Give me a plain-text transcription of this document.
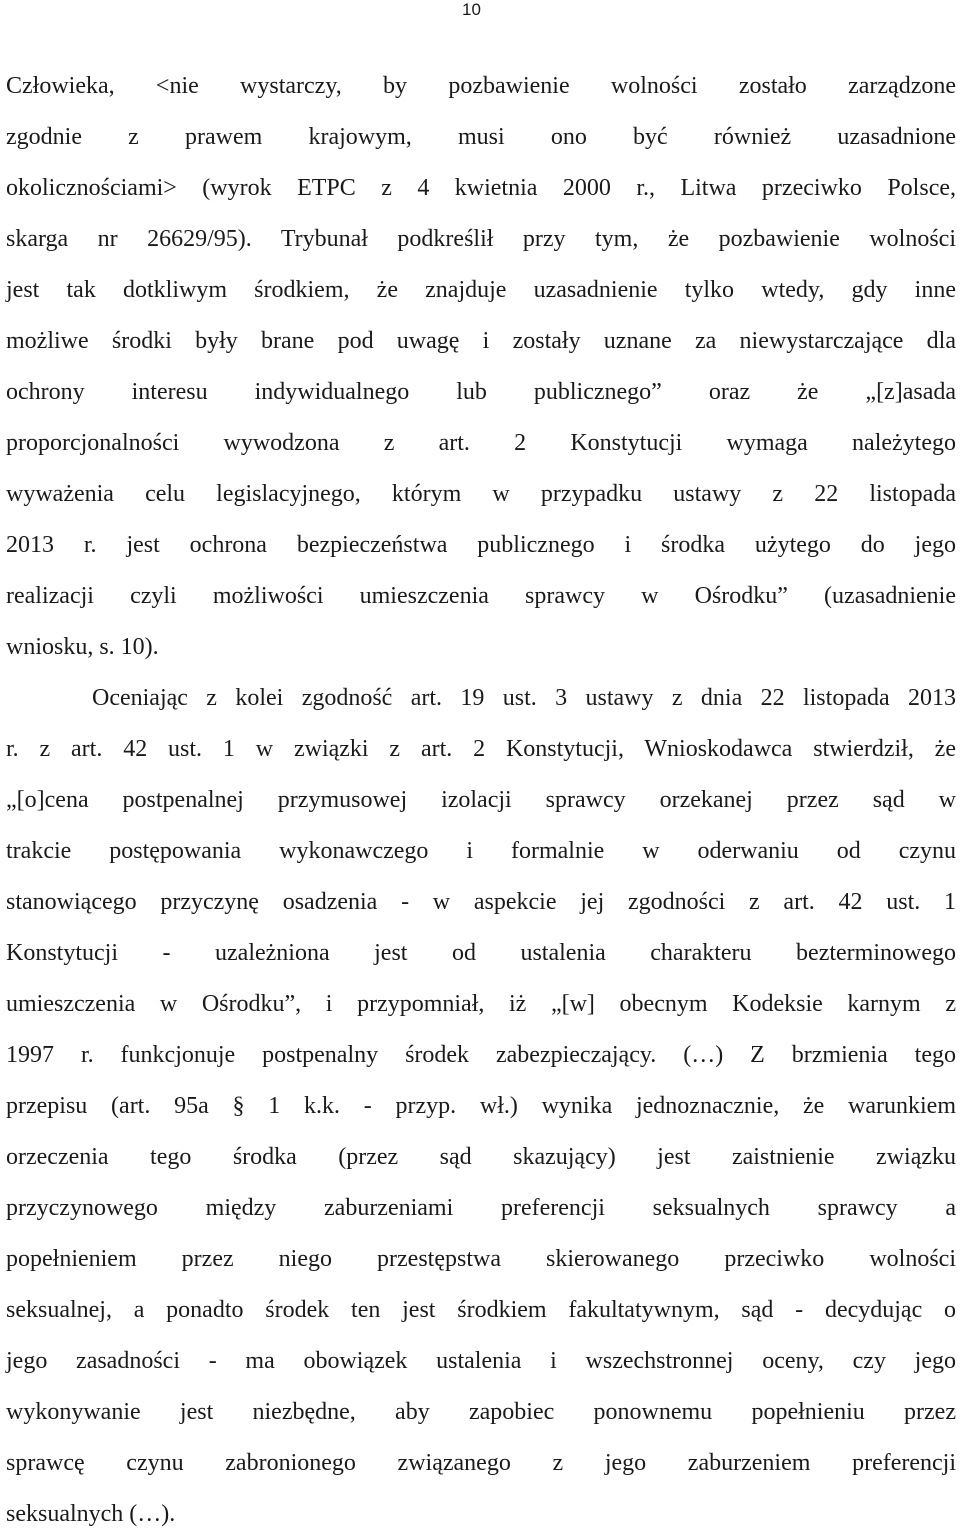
10
Człowieka, <nie wystarczy, by pozbawienie wolności zostało zarządzone
zgodnie z prawem krajowym, musi ono być również uzasadnione
okolicznościami> (wyrok ETPC z 4 kwietnia 2000 r., Litwa przeciwko Polsce,
skarga nr 26629/95). Trybunał podkreślił przy tym, że pozbawienie wolności
jest tak dotkliwym środkiem, że znajduje uzasadnienie tylko wtedy, gdy inne
możliwe środki były brane pod uwagę i zostały uznane za niewystarczające dla
ochrony interesu indywidualnego lub publicznego” oraz że „[z]asada
proporcjonalności wywodzona z art. 2 Konstytucji wymaga należytego
wyważenia celu legislacyjnego, którym w przypadku ustawy z 22 listopada
2013 r. jest ochrona bezpieczeństwa publicznego i środka użytego do jego
realizacji czyli możliwości umieszczenia sprawcy w Ośrodku” (uzasadnienie
wniosku, s. 10).
Oceniając z kolei zgodność art. 19 ust. 3 ustawy z dnia 22 listopada 2013
r. z art. 42 ust. 1 w związki z art. 2 Konstytucji, Wnioskodawca stwierdził, że
„[o]cena postpenalnej przymusowej izolacji sprawcy orzekanej przez sąd w
trakcie postępowania wykonawczego i formalnie w oderwaniu od czynu
stanowiącego przyczynę osadzenia - w aspekcie jej zgodności z art. 42 ust. 1
Konstytucji - uzależniona jest od ustalenia charakteru bezterminowego
umieszczenia w Ośrodku”, i przypomniał, iż „[w] obecnym Kodeksie karnym z
1997 r. funkcjonuje postpenalny środek zabezpieczający. (…) Z brzmienia tego
przepisu (art. 95a § 1 k.k. - przyp. wł.) wynika jednoznacznie, że warunkiem
orzeczenia tego środka (przez sąd skazujący) jest zaistnienie związku
przyczynowego między zaburzeniami preferencji seksualnych sprawcy a
popełnieniem przez niego przestępstwa skierowanego przeciwko wolności
seksualnej, a ponadto środek ten jest środkiem fakultatywnym, sąd - decydując o
jego zasadności - ma obowiązek ustalenia i wszechstronnej oceny, czy jego
wykonywanie jest niezbędne, aby zapobiec ponownemu popełnieniu przez
sprawcę czynu zabronionego związanego z jego zaburzeniem preferencji
seksualnych (…).
